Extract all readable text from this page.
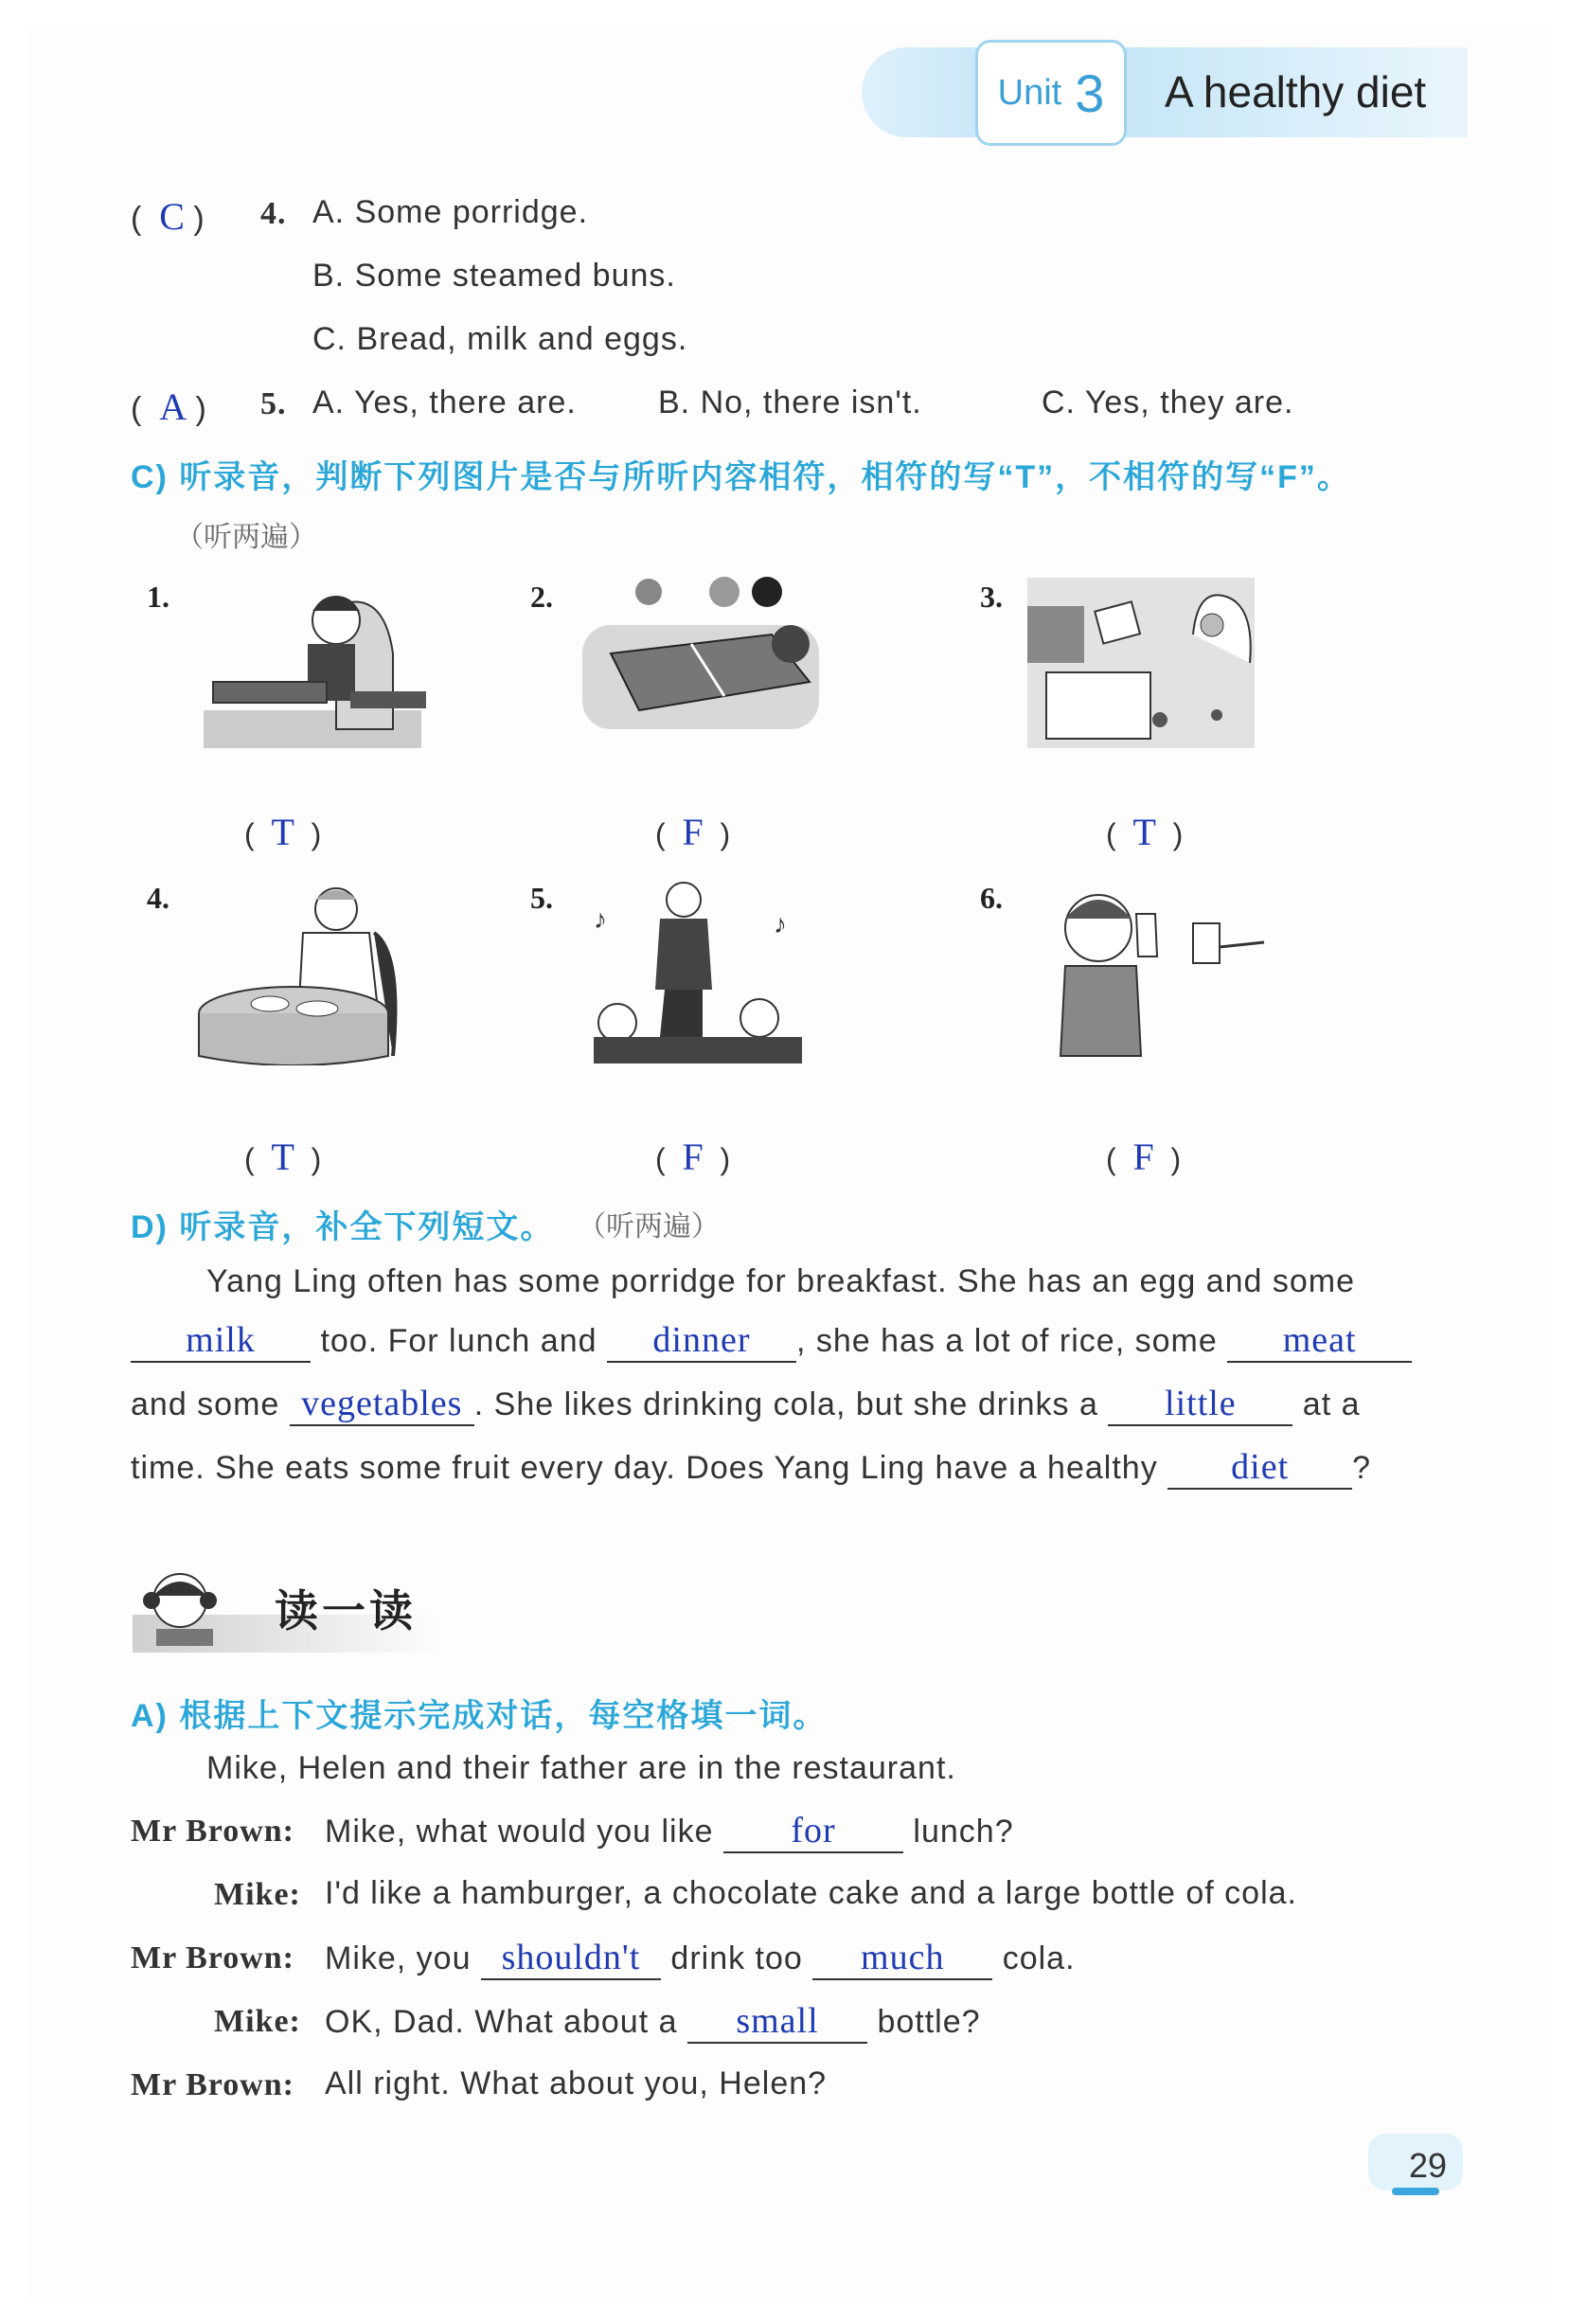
Unit 3 A healthy diet
(  C ) 4. A. Some porridge.
B. Some steamed buns.
C. Bread, milk and eggs.
(  A ) 5. A. Yes, there are.	B. No, there isn't.	C. Yes, they are.
C) 听录音，判断下列图片是否与所听内容相符，相符的写“T”，不相符的写“F”。
（听两遍）
1.
(  T  )
2.
(  F  )
3.
(  T  )
4.
(  T  )
5.
♪	♪
(  F  )
6.
(  F  )
D) 听录音，补全下列短文。 （听两遍）
Yang Ling often has some porridge for breakfast. She has an egg and some
milk too. For lunch and dinner , she has a lot of rice, some meat
and some vegetables . She likes drinking cola, but she drinks a little at a
time. She eats some fruit every day. Does Yang Ling have a healthy diet ?
读一读
A) 根据上下文提示完成对话，每空格填一词。
Mike, Helen and their father are in the restaurant.
Mr Brown: Mike, what would you like for lunch?
Mike: I'd like a hamburger, a chocolate cake and a large bottle of cola.
Mr Brown: Mike, you shouldn't drink too much cola.
Mike: OK, Dad. What about a small bottle?
Mr Brown: All right. What about you, Helen?
29
